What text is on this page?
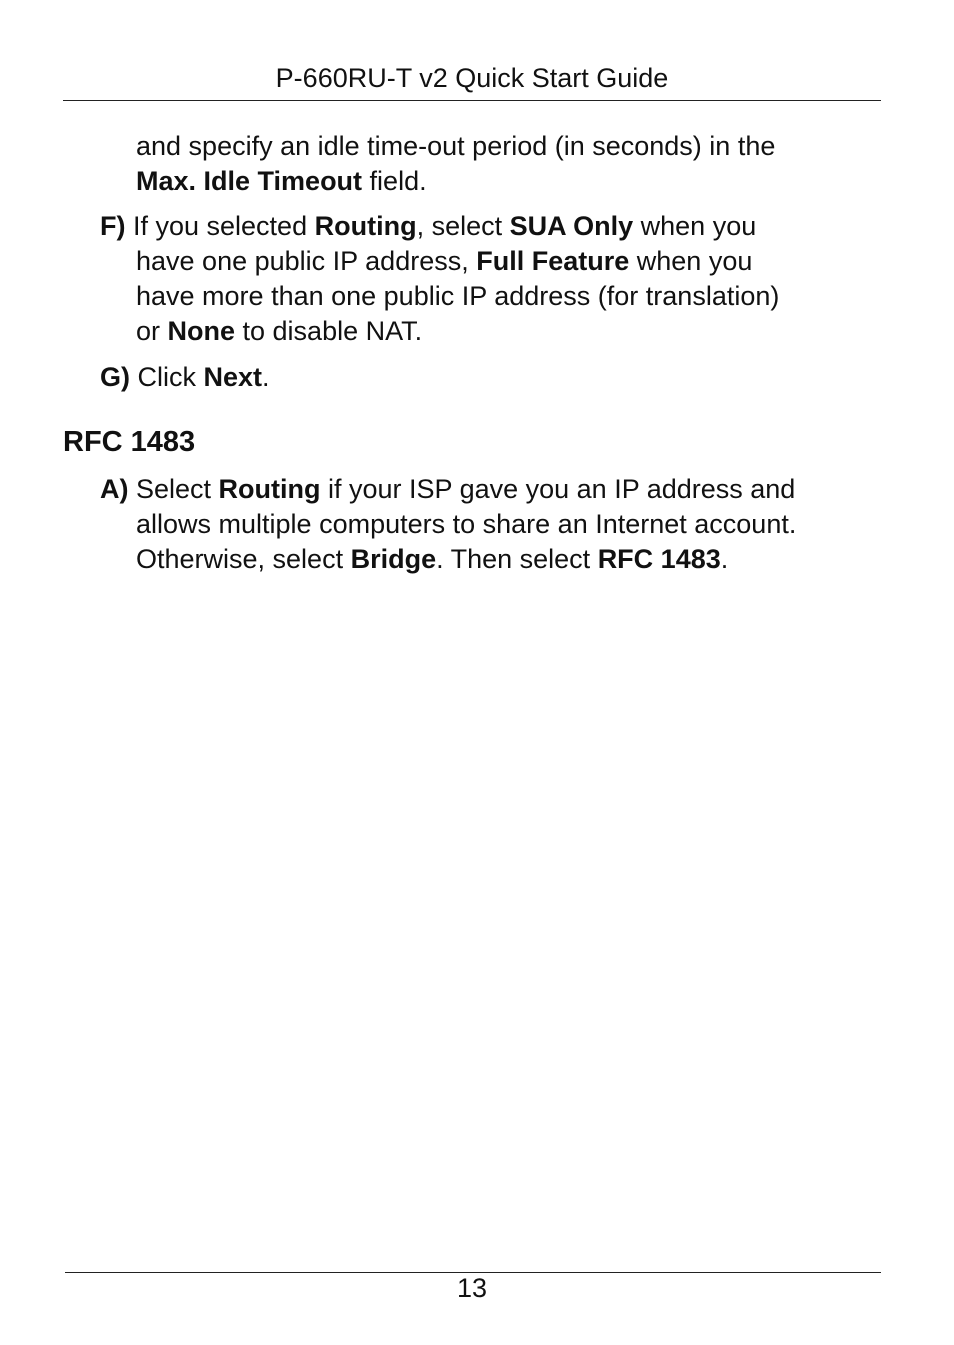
P-660RU-T v2 Quick Start Guide
and specify an idle time-out period (in seconds) in the
Max. Idle Timeout field.
F) If you selected Routing, select SUA Only when you
have one public IP address, Full Feature when you
have more than one public IP address (for translation)
or None to disable NAT.
G) Click Next.
RFC 1483
A) Select Routing if your ISP gave you an IP address and
allows multiple computers to share an Internet account.
Otherwise, select Bridge. Then select RFC 1483.
13
